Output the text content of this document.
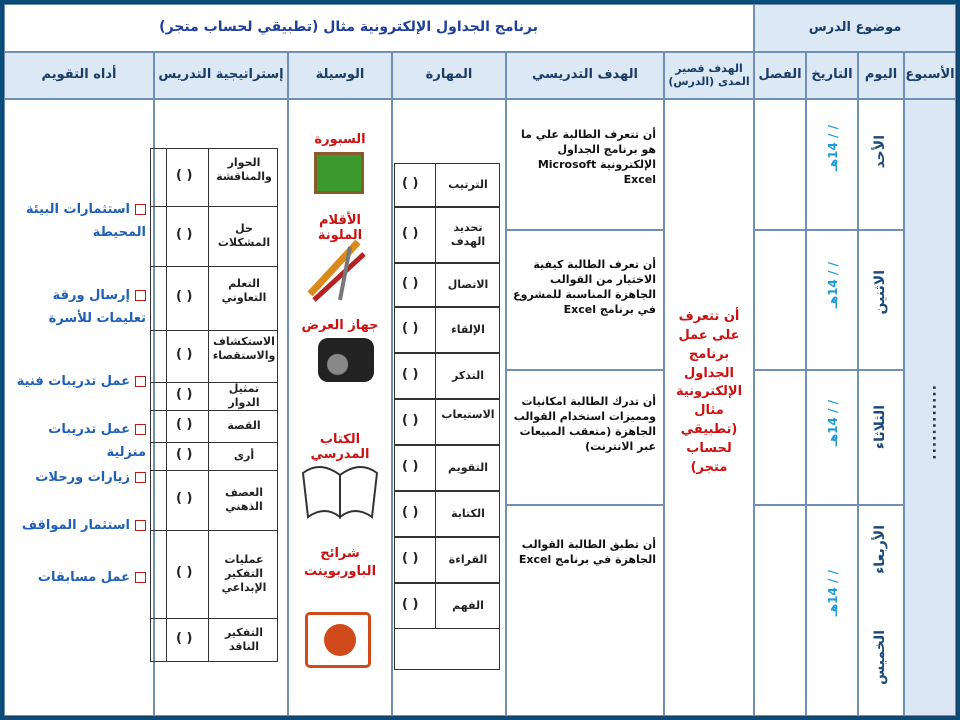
برنامج الجداول الإلكترونية مثال (تطبيقي لحساب متجر)	موضوع الدرس
الأسبوع
اليوم
التاريخ
الفصل
الهدف قصير المدى (الدرس)
الهدف التدريسي
المهارة
الوسيلة
إستراتيجية التدريس
أداه التقويم
............
الأحد
الاثنين
الثلاثاء
الأربعاء
الخميس
/ / 14هـ
/ / 14هـ
/ / 14هـ
/ / 14هـ
أن تتعرف على عمل برنامج الجداول الإلكترونية مثال (تطبيقي لحساب متجر)
أن تتعرف الطالبة علي ما هو برنامج الجداول الإلكترونية Microsoft Excel
أن تعرف الطالبة كيفية الاختيار من القوالب الجاهزة المناسبة للمشروع في برنامج Excel
أن تدرك الطالبة امكانيات ومميزات استخدام القوالب الجاهزة (متعقب المبيعات عبر الانترنت)
أن تطبق الطالبة القوالب الجاهزة في برنامج Excel
السبورة
الأقلام الملونة
جهاز العرض
الكتاب المدرسي
شرائح الباوربوينت
الترتيب
( )
تحديد الهدف
( )
الاتصال
( )
الإلقاء
( )
التذكر
( )
الاستيعاب
( )
التقويم
( )
الكتابة
( )
القراءة
( )
الفهم
( )
الحوار والمناقشة
( )
حل المشكلات
( )
التعلم التعاوني
( )
الاستكشاف والاستقصاء
( )
تمثيل الدوار
( )
القصة
( )
أرى
( )
العصف الذهني
( )
عمليات التفكير الإبداعي
( )
التفكير الناقد
( )
استثمارات البيئة المحيطة
إرسال ورقة تعليمات للأسرة
عمل تدريبات فنية
عمل تدريبات منزلية
زيارات ورحلات
استثمار المواقف
عمل مسابقات
